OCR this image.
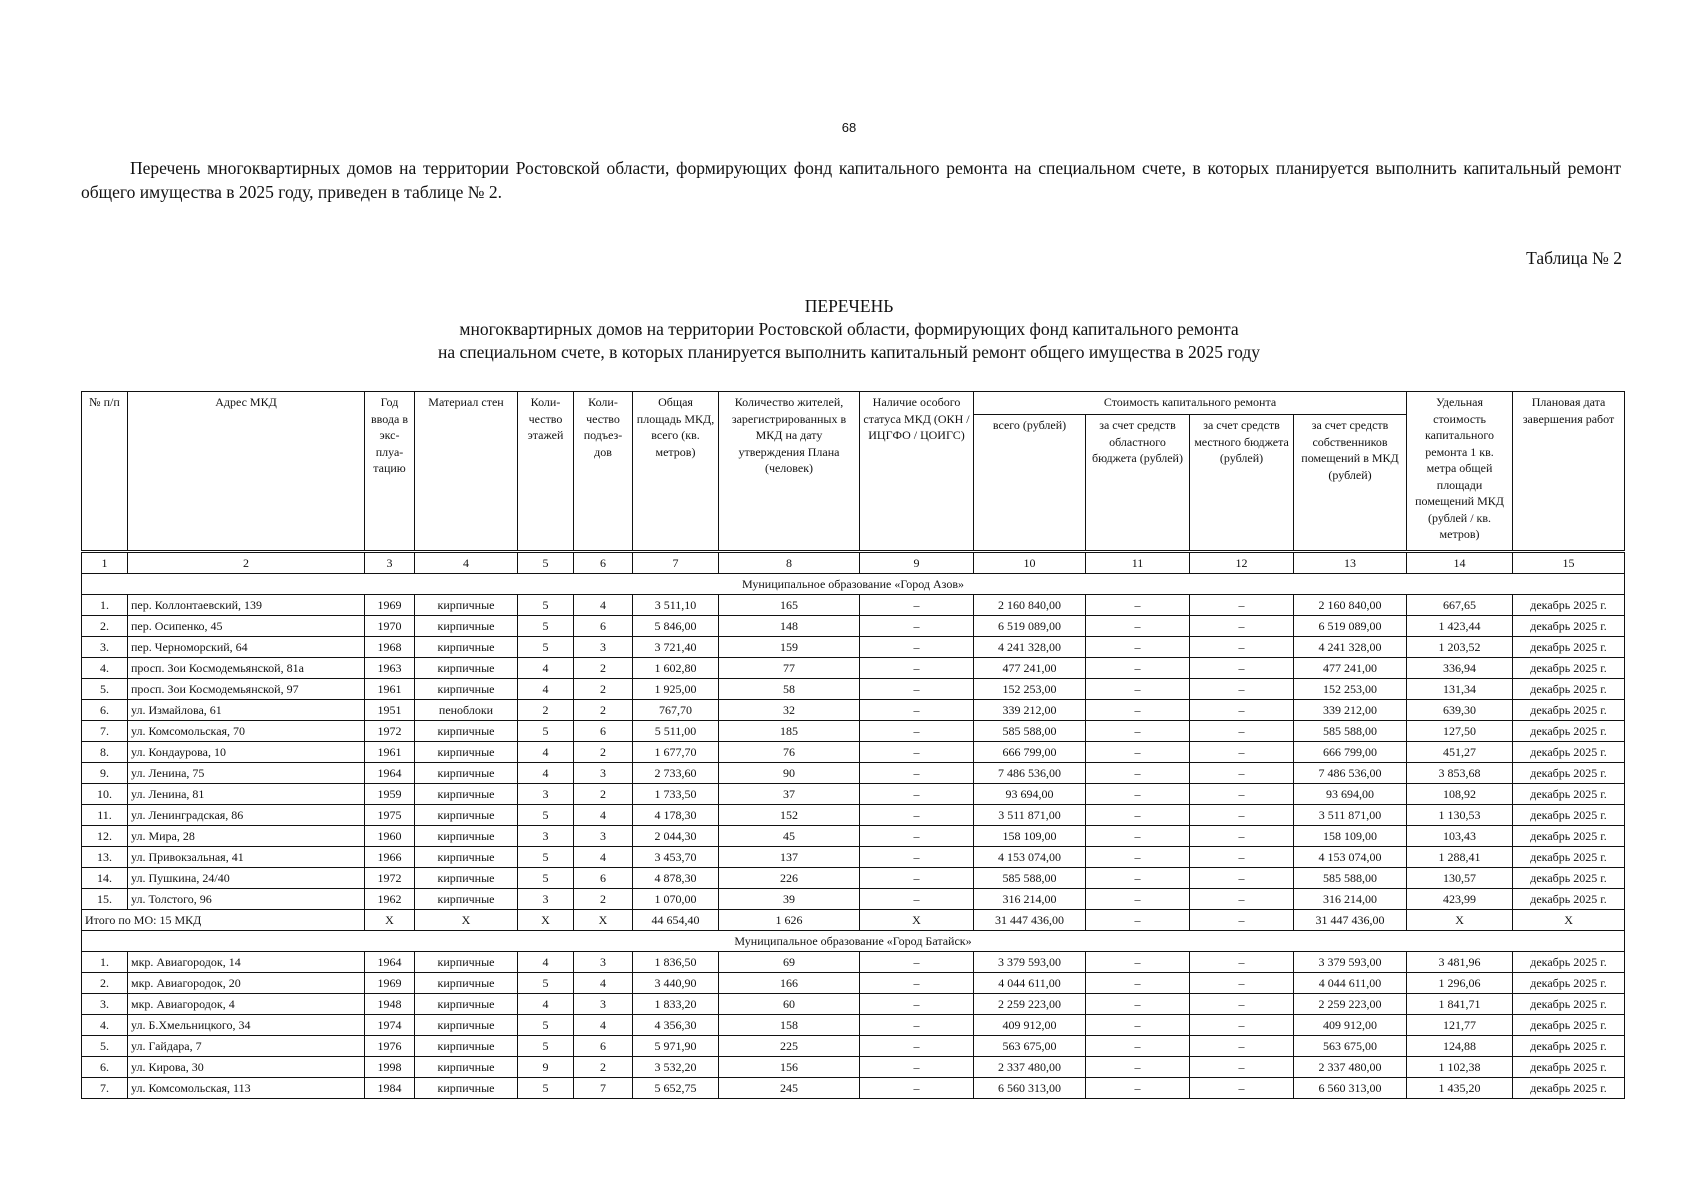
68

Перечень многоквартирных домов на территории Ростовской области, формирующих фонд капитального ремонта на специальном счете, в которых планируется выполнить капитальный ремонт общего имущества в 2025 году, приведен в таблице № 2.

Таблица № 2
ПЕРЕЧЕНЬ
многоквартирных домов на территории Ростовской области, формирующих фонд капитального ремонта
на специальном счете, в которых планируется выполнить капитальный ремонт общего имущества в 2025 году
№ п/п	Адрес МКД	Год ввода в экс-плуа-тацию	Материал стен	Коли-чество этажей	Коли-чество подъез-дов	Общая площадь МКД, всего (кв. метров)	Количество жителей, зарегистрированных в МКД на дату утверждения Плана (человек)	Наличие особого статуса МКД (ОКН / ИЦГФО / ЦОИГС)	Стоимость капитального ремонта				Удельная стоимость капитального ремонта 1 кв. метра общей площади помещений МКД (рублей / кв. метров)	Плановая дата завершения работ
									всего (рублей)	за счет средств областного бюджета (рублей)	за счет средств местного бюджета (рублей)	за счет средств собственников помещений в МКД (рублей)		
1	2	3	4	5	6	7	8	9	10	11	12	13	14	15
Муниципальное образование «Город Азов»														
1.	пер. Коллонтаевский, 139	1969	кирпичные	5	4	3 511,10	165	–	2 160 840,00	–	–	2 160 840,00	667,65	декабрь 2025 г.
2.	пер. Осипенко, 45	1970	кирпичные	5	6	5 846,00	148	–	6 519 089,00	–	–	6 519 089,00	1 423,44	декабрь 2025 г.
3.	пер. Черноморский, 64	1968	кирпичные	5	3	3 721,40	159	–	4 241 328,00	–	–	4 241 328,00	1 203,52	декабрь 2025 г.
4.	просп. Зои Космодемьянской, 81а	1963	кирпичные	4	2	1 602,80	77	–	477 241,00	–	–	477 241,00	336,94	декабрь 2025 г.
5.	просп. Зои Космодемьянской, 97	1961	кирпичные	4	2	1 925,00	58	–	152 253,00	–	–	152 253,00	131,34	декабрь 2025 г.
6.	ул. Измайлова, 61	1951	пеноблоки	2	2	767,70	32	–	339 212,00	–	–	339 212,00	639,30	декабрь 2025 г.
7.	ул. Комсомольская, 70	1972	кирпичные	5	6	5 511,00	185	–	585 588,00	–	–	585 588,00	127,50	декабрь 2025 г.
8.	ул. Кондаурова, 10	1961	кирпичные	4	2	1 677,70	76	–	666 799,00	–	–	666 799,00	451,27	декабрь 2025 г.
9.	ул. Ленина, 75	1964	кирпичные	4	3	2 733,60	90	–	7 486 536,00	–	–	7 486 536,00	3 853,68	декабрь 2025 г.
10.	ул. Ленина, 81	1959	кирпичные	3	2	1 733,50	37	–	93 694,00	–	–	93 694,00	108,92	декабрь 2025 г.
11.	ул. Ленинградская, 86	1975	кирпичные	5	4	4 178,30	152	–	3 511 871,00	–	–	3 511 871,00	1 130,53	декабрь 2025 г.
12.	ул. Мира, 28	1960	кирпичные	3	3	2 044,30	45	–	158 109,00	–	–	158 109,00	103,43	декабрь 2025 г.
13.	ул. Привокзальная, 41	1966	кирпичные	5	4	3 453,70	137	–	4 153 074,00	–	–	4 153 074,00	1 288,41	декабрь 2025 г.
14.	ул. Пушкина, 24/40	1972	кирпичные	5	6	4 878,30	226	–	585 588,00	–	–	585 588,00	130,57	декабрь 2025 г.
15.	ул. Толстого, 96	1962	кирпичные	3	2	1 070,00	39	–	316 214,00	–	–	316 214,00	423,99	декабрь 2025 г.
Итого по МО: 15 МКД		X	X	X	X	44 654,40	1 626	X	31 447 436,00	–	–	31 447 436,00	X	X
Муниципальное образование «Город Батайск»														
1.	мкр. Авиагородок, 14	1964	кирпичные	4	3	1 836,50	69	–	3 379 593,00	–	–	3 379 593,00	3 481,96	декабрь 2025 г.
2.	мкр. Авиагородок, 20	1969	кирпичные	5	4	3 440,90	166	–	4 044 611,00	–	–	4 044 611,00	1 296,06	декабрь 2025 г.
3.	мкр. Авиагородок, 4	1948	кирпичные	4	3	1 833,20	60	–	2 259 223,00	–	–	2 259 223,00	1 841,71	декабрь 2025 г.
4.	ул. Б.Хмельницкого, 34	1974	кирпичные	5	4	4 356,30	158	–	409 912,00	–	–	409 912,00	121,77	декабрь 2025 г.
5.	ул. Гайдара, 7	1976	кирпичные	5	6	5 971,90	225	–	563 675,00	–	–	563 675,00	124,88	декабрь 2025 г.
6.	ул. Кирова, 30	1998	кирпичные	9	2	3 532,20	156	–	2 337 480,00	–	–	2 337 480,00	1 102,38	декабрь 2025 г.
7.	ул. Комсомольская, 113	1984	кирпичные	5	7	5 652,75	245	–	6 560 313,00	–	–	6 560 313,00	1 435,20	декабрь 2025 г.
